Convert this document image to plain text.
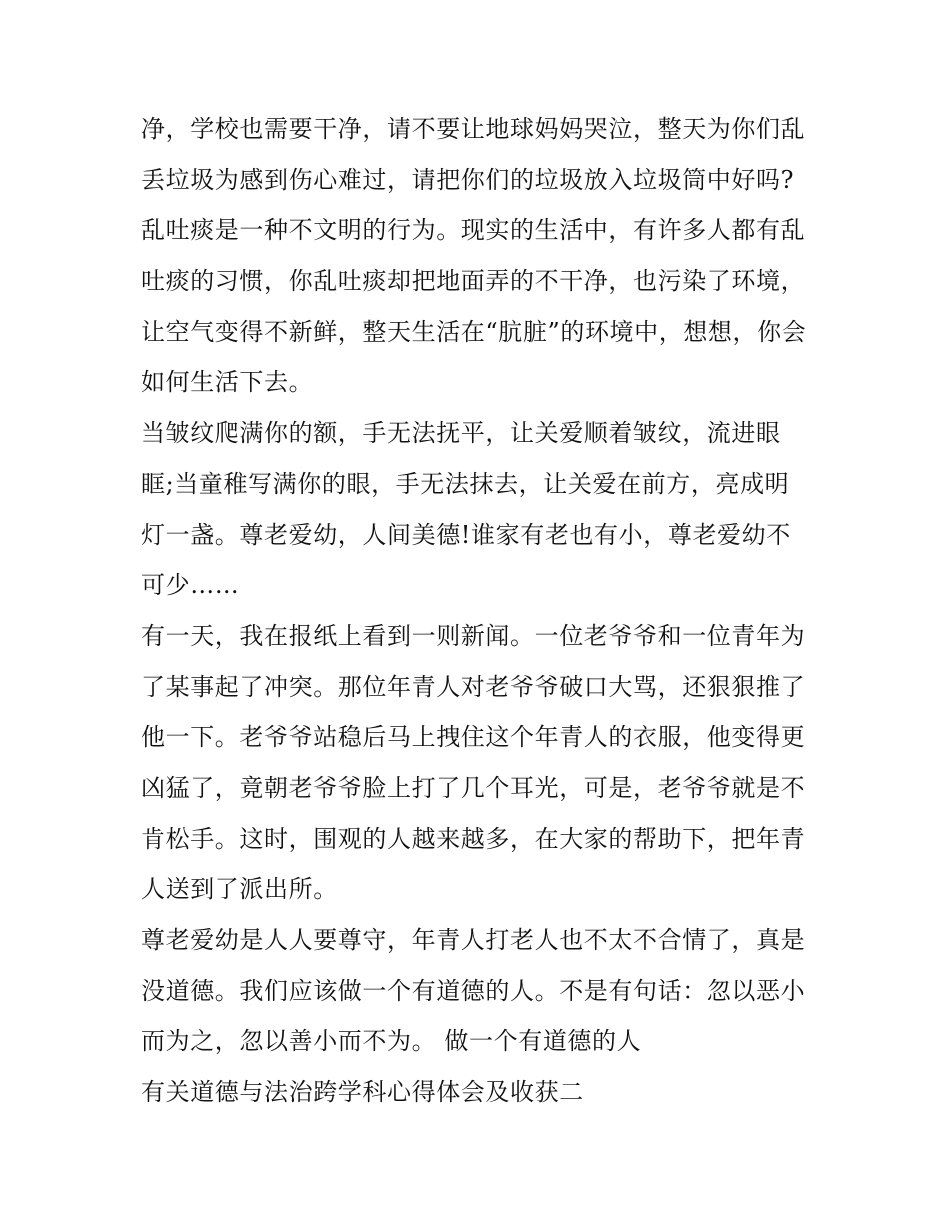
净，学校也需要干净，请不要让地球妈妈哭泣，整天为你们乱
丢垃圾为感到伤心难过，请把你们的垃圾放入垃圾筒中好吗?
乱吐痰是一种不文明的行为。现实的生活中，有许多人都有乱
吐痰的习惯，你乱吐痰却把地面弄的不干净，也污染了环境，
让空气变得不新鲜，整天生活在“肮脏”的环境中，想想，你会
如何生活下去。
当皱纹爬满你的额，手无法抚平，让关爱顺着皱纹，流进眼
眶;当童稚写满你的眼，手无法抹去，让关爱在前方，亮成明
灯一盏。尊老爱幼，人间美德!谁家有老也有小，尊老爱幼不
可少……
有一天，我在报纸上看到一则新闻。一位老爷爷和一位青年为
了某事起了冲突。那位年青人对老爷爷破口大骂，还狠狠推了
他一下。老爷爷站稳后马上拽住这个年青人的衣服，他变得更
凶猛了，竟朝老爷爷脸上打了几个耳光，可是，老爷爷就是不
肯松手。这时，围观的人越来越多，在大家的帮助下，把年青
人送到了派出所。
尊老爱幼是人人要尊守，年青人打老人也不太不合情了，真是
没道德。我们应该做一个有道德的人。不是有句话：忽以恶小
而为之，忽以善小而不为。 做一个有道德的人
有关道德与法治跨学科心得体会及收获二
